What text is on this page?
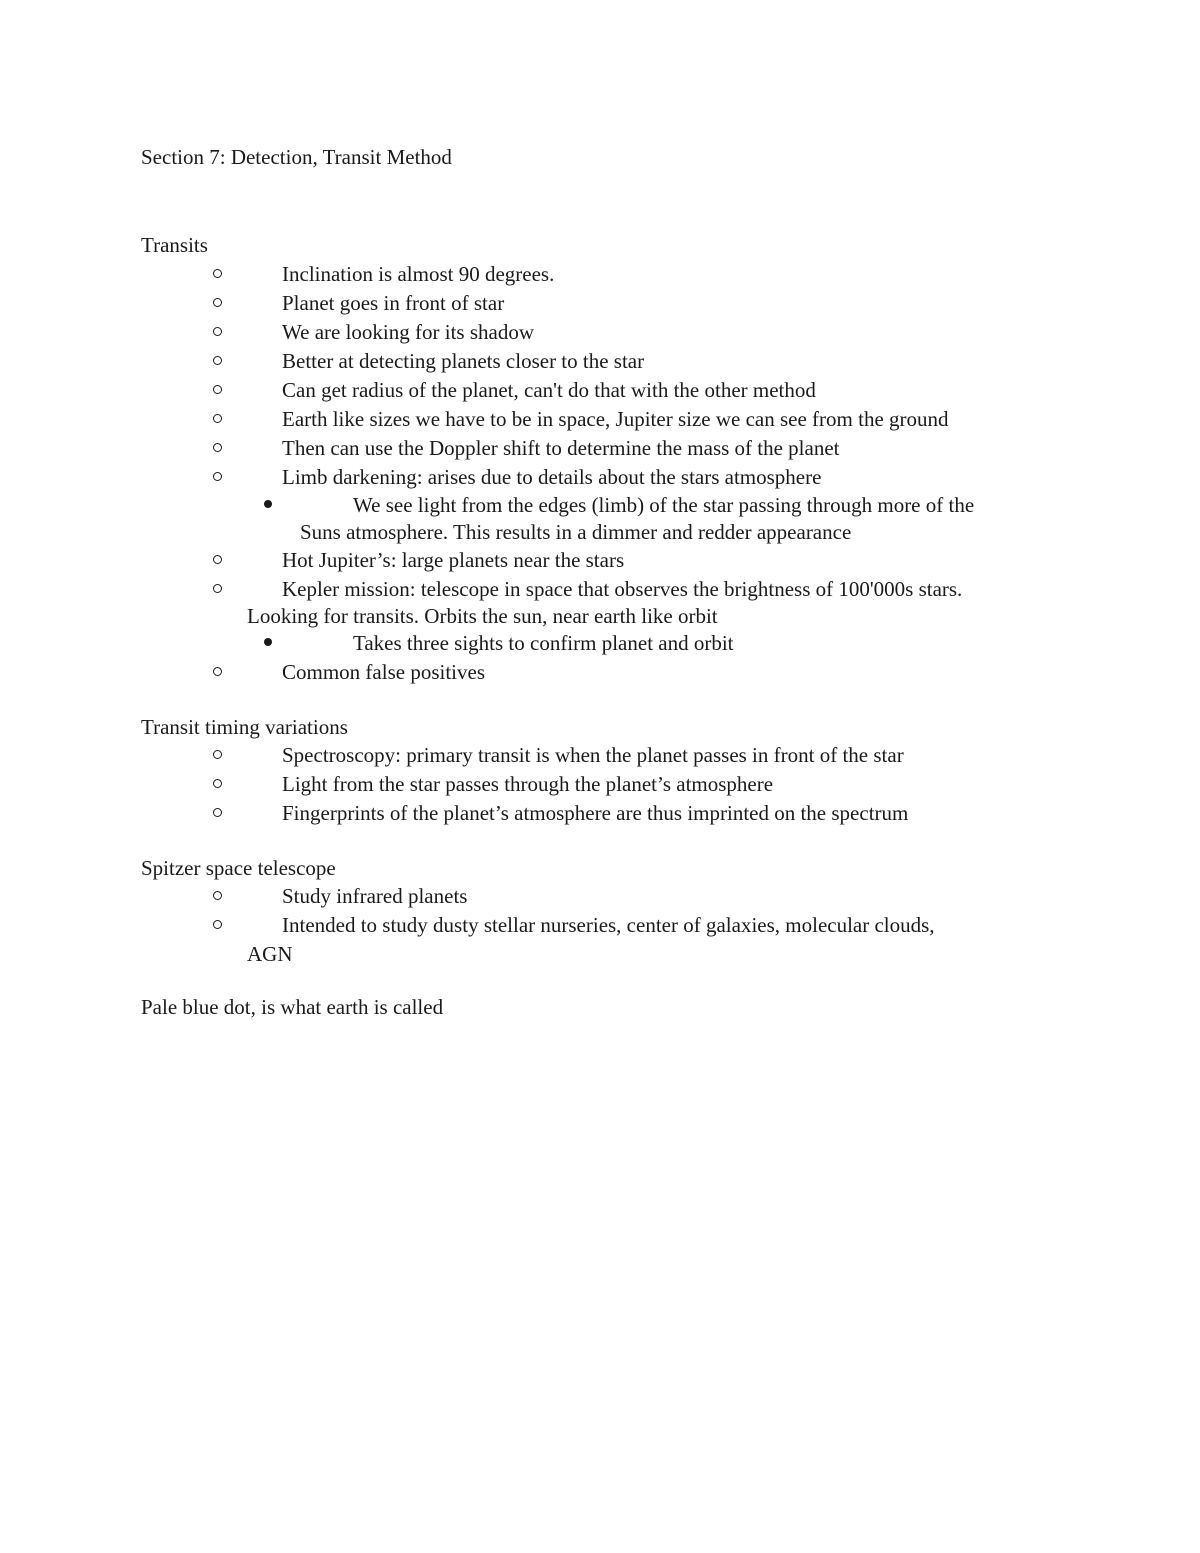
Section 7: Detection, Transit Method
Transits
Inclination is almost 90 degrees.
Planet goes in front of star
We are looking for its shadow
Better at detecting planets closer to the star
Can get radius of the planet, can't do that with the other method
Earth like sizes we have to be in space, Jupiter size we can see from the ground
Then can use the Doppler shift to determine the mass of the planet
Limb darkening: arises due to details about the stars atmosphere
We see light from the edges (limb) of the star passing through more of the
Suns atmosphere. This results in a dimmer and redder appearance
Hot Jupiter’s: large planets near the stars
Kepler mission: telescope in space that observes the brightness of 100'000s stars.
Looking for transits. Orbits the sun, near earth like orbit
Takes three sights to confirm planet and orbit
Common false positives
Transit timing variations
Spectroscopy: primary transit is when the planet passes in front of the star
Light from the star passes through the planet’s atmosphere
Fingerprints of the planet’s atmosphere are thus imprinted on the spectrum
Spitzer space telescope
Study infrared planets
Intended to study dusty stellar nurseries, center of galaxies, molecular clouds,
AGN
Pale blue dot, is what earth is called
